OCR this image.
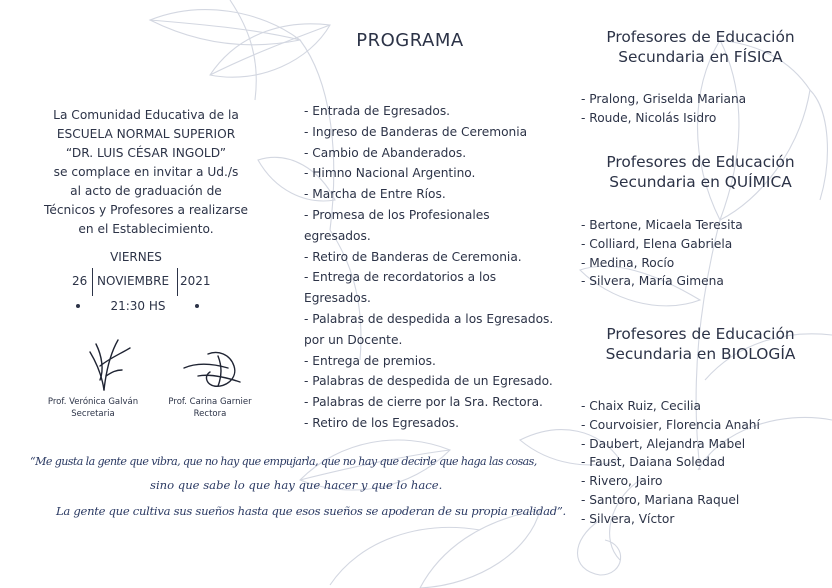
La Comunidad Educativa de la
ESCUELA NORMAL SUPERIOR
“DR. LUIS CÉSAR INGOLD”
se complace en invitar a Ud./s
al acto de graduación de
Técnicos y Profesores a realizarse
en el Establecimiento.
VIERNES
26 NOVIEMBRE 2021
21:30 HS
Prof. Verónica Galván
Secretaria
Prof. Carina Garnier
Rectora
“Me gusta la gente que vibra, que no hay que empujarla, que no hay que decirle que haga las cosas,
sino que sabe lo que hay que hacer y que lo hace.
La gente que cultiva sus sueños hasta que esos sueños se apoderan de su propia realidad”.
PROGRAMA
- Entrada de Egresados.
- Ingreso de Banderas de Ceremonia
- Cambio de Abanderados.
- Himno Nacional Argentino.
- Marcha de Entre Ríos.
- Promesa de los Profesionales
egresados.
- Retiro de Banderas de Ceremonia.
- Entrega de recordatorios a los
Egresados.
- Palabras de despedida a los Egresados.
por un Docente.
- Entrega de premios.
- Palabras de despedida de un Egresado.
- Palabras de cierre por la Sra. Rectora.
- Retiro de los Egresados.
Profesores de Educación
Secundaria en FÍSICA
- Pralong, Griselda Mariana
- Roude, Nicolás Isidro
Profesores de Educación
Secundaria en QUÍMICA
- Bertone, Micaela Teresita
- Colliard, Elena Gabriela
- Medina, Rocío
- Silvera, María Gimena
Profesores de Educación
Secundaria en BIOLOGÍA
- Chaix Ruiz, Cecilia
- Courvoisier, Florencia Anahí
- Daubert, Alejandra Mabel
- Faust, Daiana Soledad
- Rivero, Jairo
- Santoro, Mariana Raquel
- Silvera, Víctor
